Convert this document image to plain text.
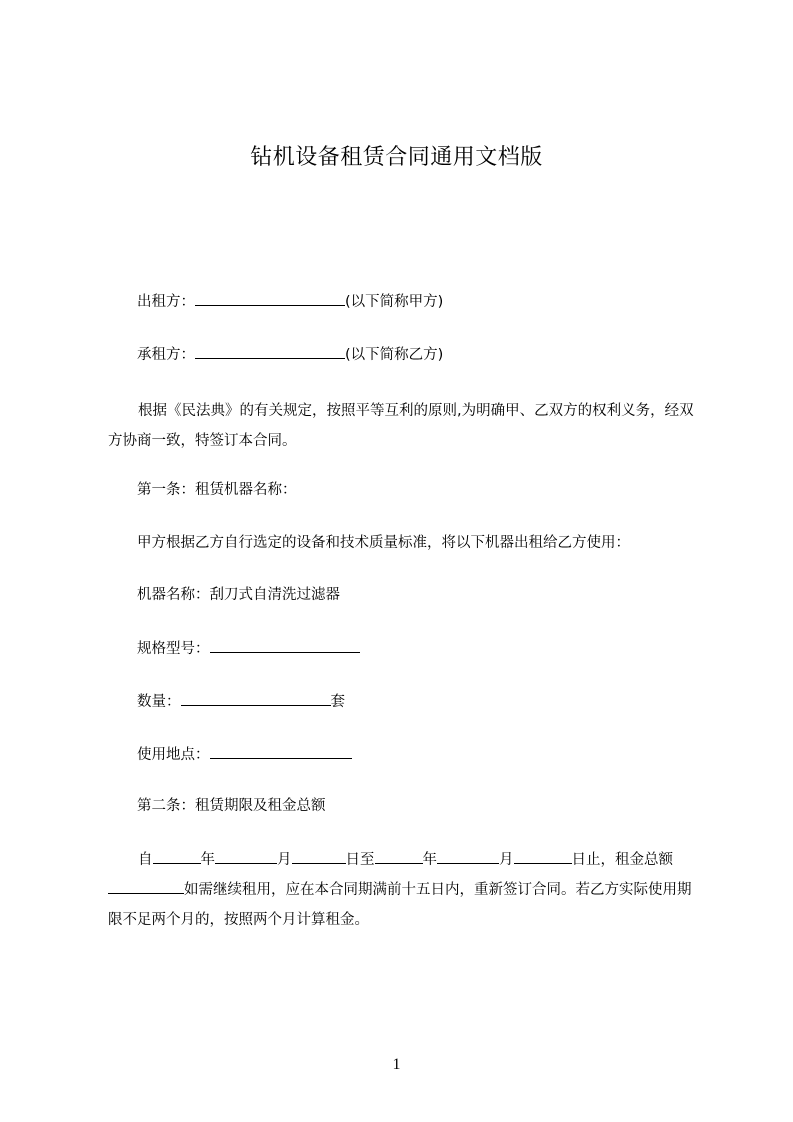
钻机设备租赁合同通用文档版
出租方：	(以下简称甲方)
承租方：	(以下简称乙方)
根据《民法典》的有关规定，按照平等互利的原则,为明确甲、乙双方的权利义务，经双方协商一致，特签订本合同。
第一条：租赁机器名称：
甲方根据乙方自行选定的设备和技术质量标准，将以下机器出租给乙方使用：
机器名称：刮刀式自清洗过滤器
规格型号：
数量：	套
使用地点：
第二条：租赁期限及租金总额
自	年	月	日至	年	月	日止，租金总额如需继续租用，应在本合同期满前十五日内，重新签订合同。若乙方实际使用期限不足两个月的，按照两个月计算租金。
1
